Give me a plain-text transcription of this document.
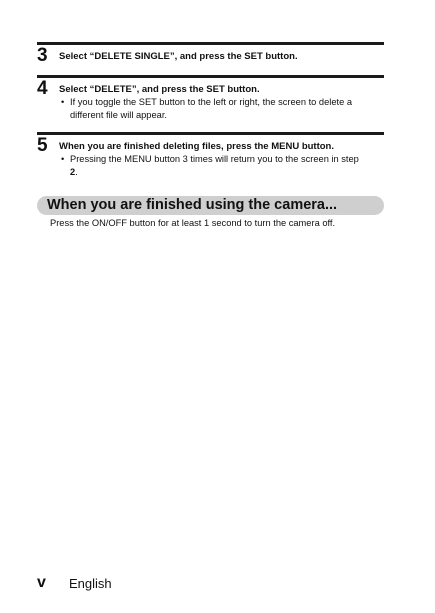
3 Select “DELETE SINGLE”, and press the SET button.
4 Select “DELETE”, and press the SET button.
• If you toggle the SET button to the left or right, the screen to delete a
different file will appear.
5 When you are finished deleting files, press the MENU button.
• Pressing the MENU button 3 times will return you to the screen in step
2.
When you are finished using the camera...
Press the ON/OFF button for at least 1 second to turn the camera off.
v English
